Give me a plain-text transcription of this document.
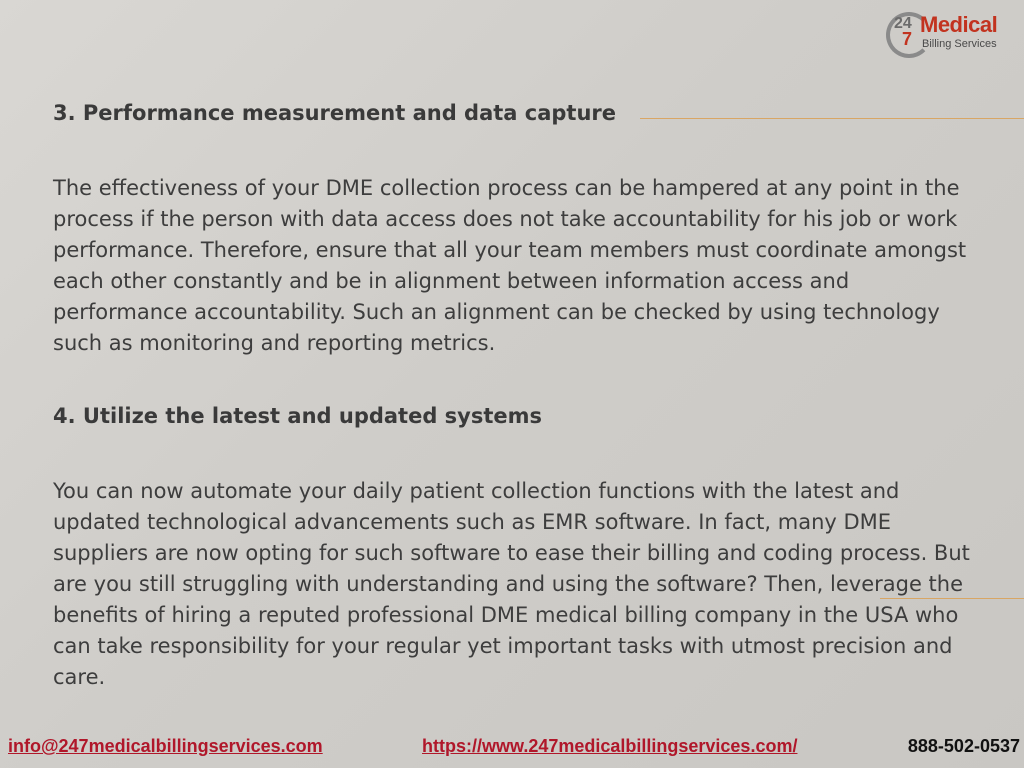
24
7
Medical
Billing Services

3. Performance measurement and data capture

The effectiveness of your DME collection process can be hampered at any point in the process if the person with data access does not take accountability for his job or work performance. Therefore, ensure that all your team members must coordinate amongst each other constantly and be in alignment between information access and performance accountability. Such an alignment can be checked by using technology such as monitoring and reporting metrics.

4. Utilize the latest and updated systems

You can now automate your daily patient collection functions with the latest and updated technological advancements such as EMR software. In fact, many DME suppliers are now opting for such software to ease their billing and coding process. But are you still struggling with understanding and using the software? Then, leverage the benefits of hiring a reputed professional DME medical billing company in the USA who can take responsibility for your regular yet important tasks with utmost precision and care.

info@247medicalbillingservices.com	https://www.247medicalbillingservices.com/	888-502-0537
